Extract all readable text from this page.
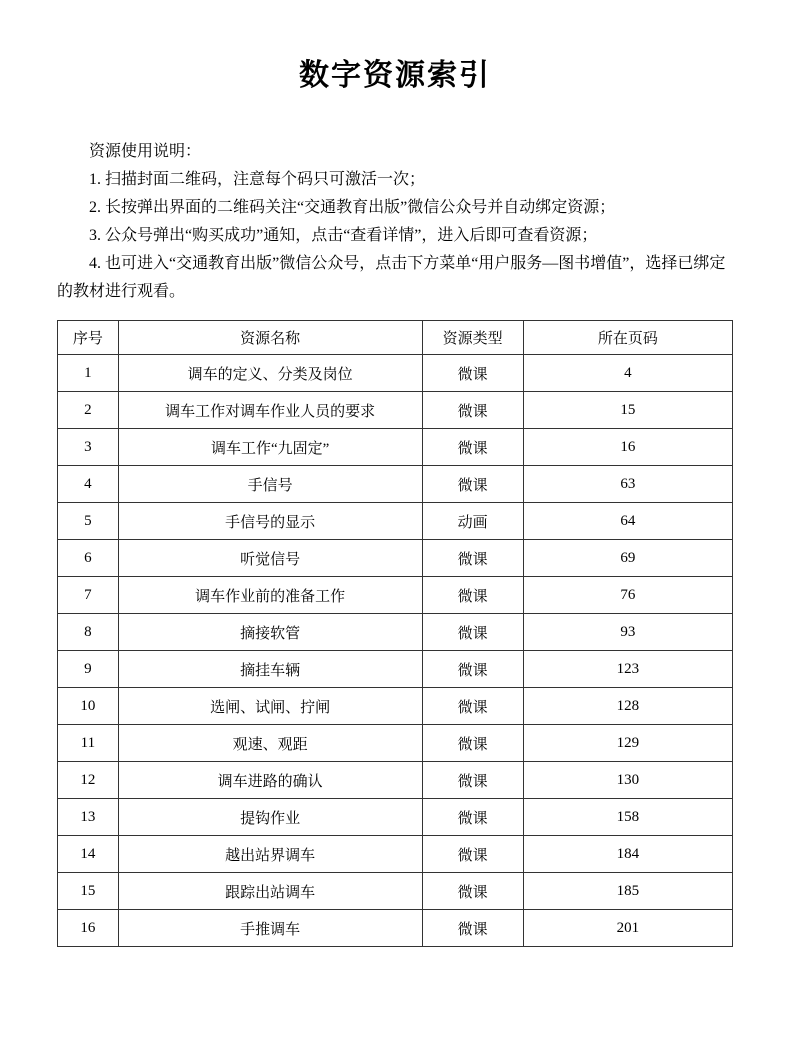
数字资源索引

资源使用说明：

1. 扫描封面二维码，注意每个码只可激活一次；

2. 长按弹出界面的二维码关注“交通教育出版”微信公众号并自动绑定资源；

3. 公众号弹出“购买成功”通知，点击“查看详情”，进入后即可查看资源；

4. 也可进入“交通教育出版”微信公众号，点击下方菜单“用户服务—图书增值”，选择已绑定的教材进行观看。

序号	资源名称	资源类型	所在页码
1	调车的定义、分类及岗位	微课	4
2	调车工作对调车作业人员的要求	微课	15
3	调车工作“九固定”	微课	16
4	手信号	微课	63
5	手信号的显示	动画	64
6	听觉信号	微课	69
7	调车作业前的准备工作	微课	76
8	摘接软管	微课	93
9	摘挂车辆	微课	123
10	选闸、试闸、拧闸	微课	128
11	观速、观距	微课	129
12	调车进路的确认	微课	130
13	提钩作业	微课	158
14	越出站界调车	微课	184
15	跟踪出站调车	微课	185
16	手推调车	微课	201
